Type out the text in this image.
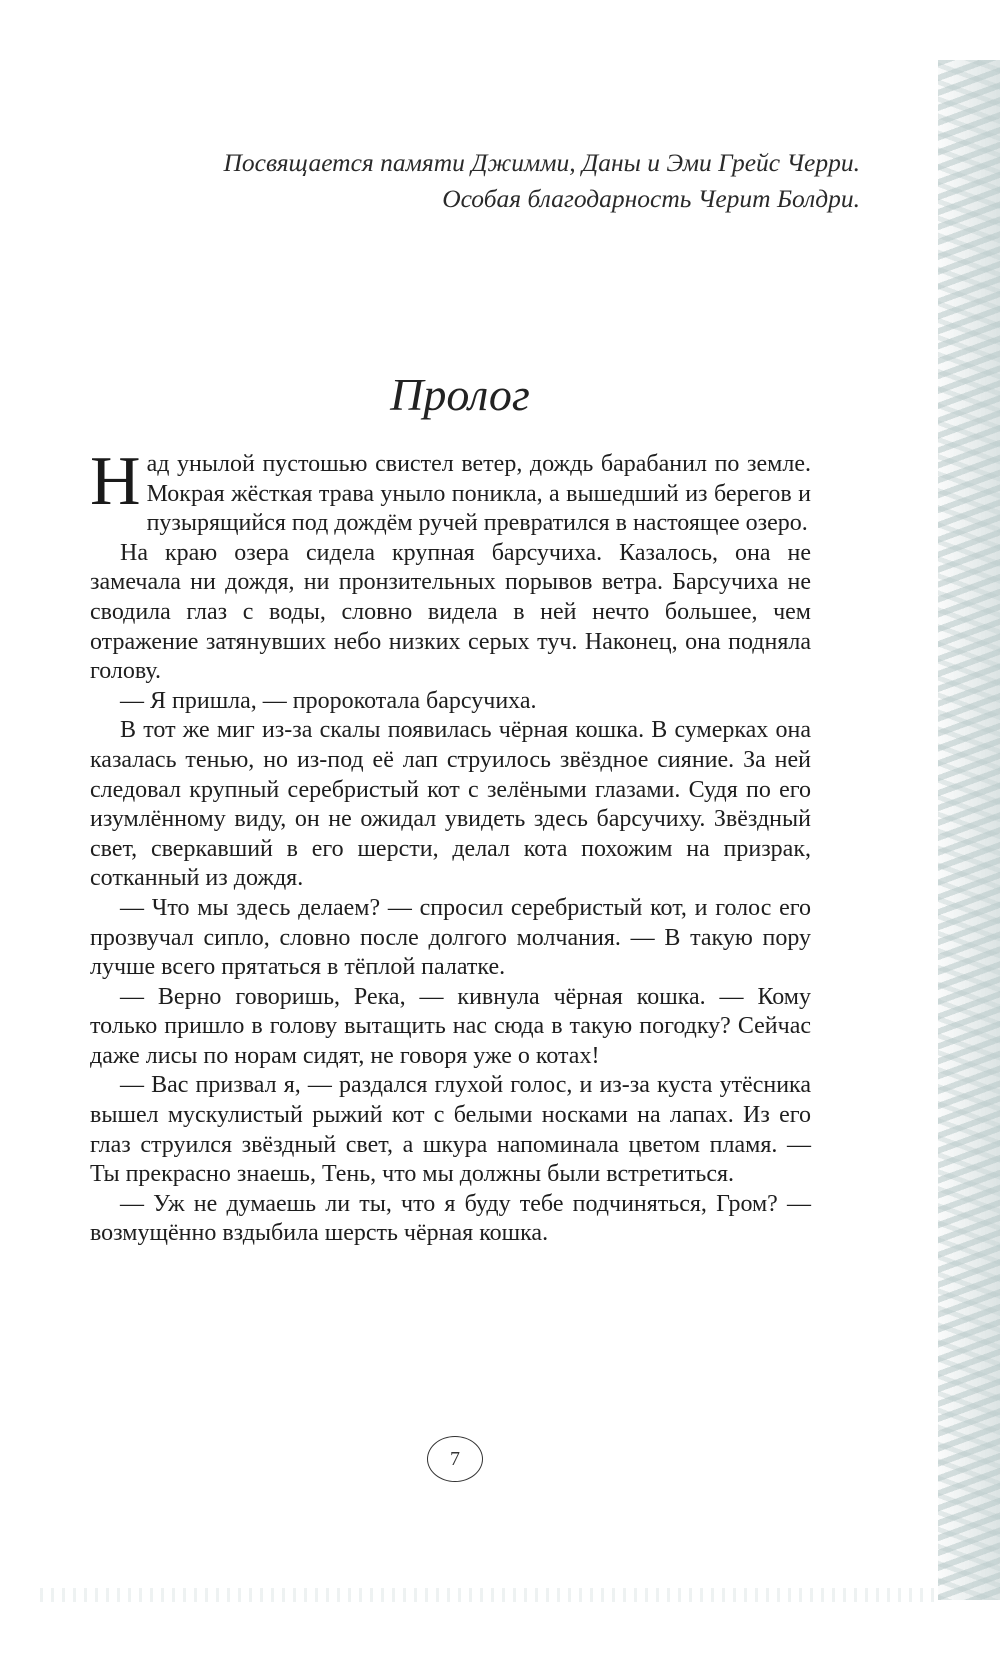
Посвящается памяти Джимми, Даны и Эми Грейс Черри.
Особая благодарность Черит Болдри.
Пролог

Над унылой пустошью свистел ветер, дождь барабанил по земле. Мокрая жёсткая трава уныло поникла, а вышедший из берегов и пузырящийся под дождём ручей превратился в настоящее озеро.

На краю озера сидела крупная барсучиха. Казалось, она не замечала ни дождя, ни пронзительных порывов ветра. Барсучиха не сводила глаз с воды, словно видела в ней нечто большее, чем отражение затянувших небо низких серых туч. Наконец, она подняла голову.

— Я пришла, — пророкотала барсучиха.

В тот же миг из-за скалы появилась чёрная кошка. В сумерках она казалась тенью, но из-под её лап струилось звёздное сияние. За ней следовал крупный серебристый кот с зелёными глазами. Судя по его изумлённому виду, он не ожидал увидеть здесь барсучиху. Звёздный свет, сверкавший в его шерсти, делал кота похожим на призрак, сотканный из дождя.

— Что мы здесь делаем? — спросил серебристый кот, и голос его прозвучал сипло, словно после долгого молчания. — В такую пору лучше всего прятаться в тёплой палатке.

— Верно говоришь, Река, — кивнула чёрная кошка. — Кому только пришло в голову вытащить нас сюда в такую погодку? Сейчас даже лисы по норам сидят, не говоря уже о котах!

— Вас призвал я, — раздался глухой голос, и из-за куста утёсника вышел мускулистый рыжий кот с белыми носками на лапах. Из его глаз струился звёздный свет, а шкура напоминала цветом пламя. — Ты прекрасно знаешь, Тень, что мы должны были встретиться.

— Уж не думаешь ли ты, что я буду тебе подчиняться, Гром? — возмущённо вздыбила шерсть чёрная кошка.

7
